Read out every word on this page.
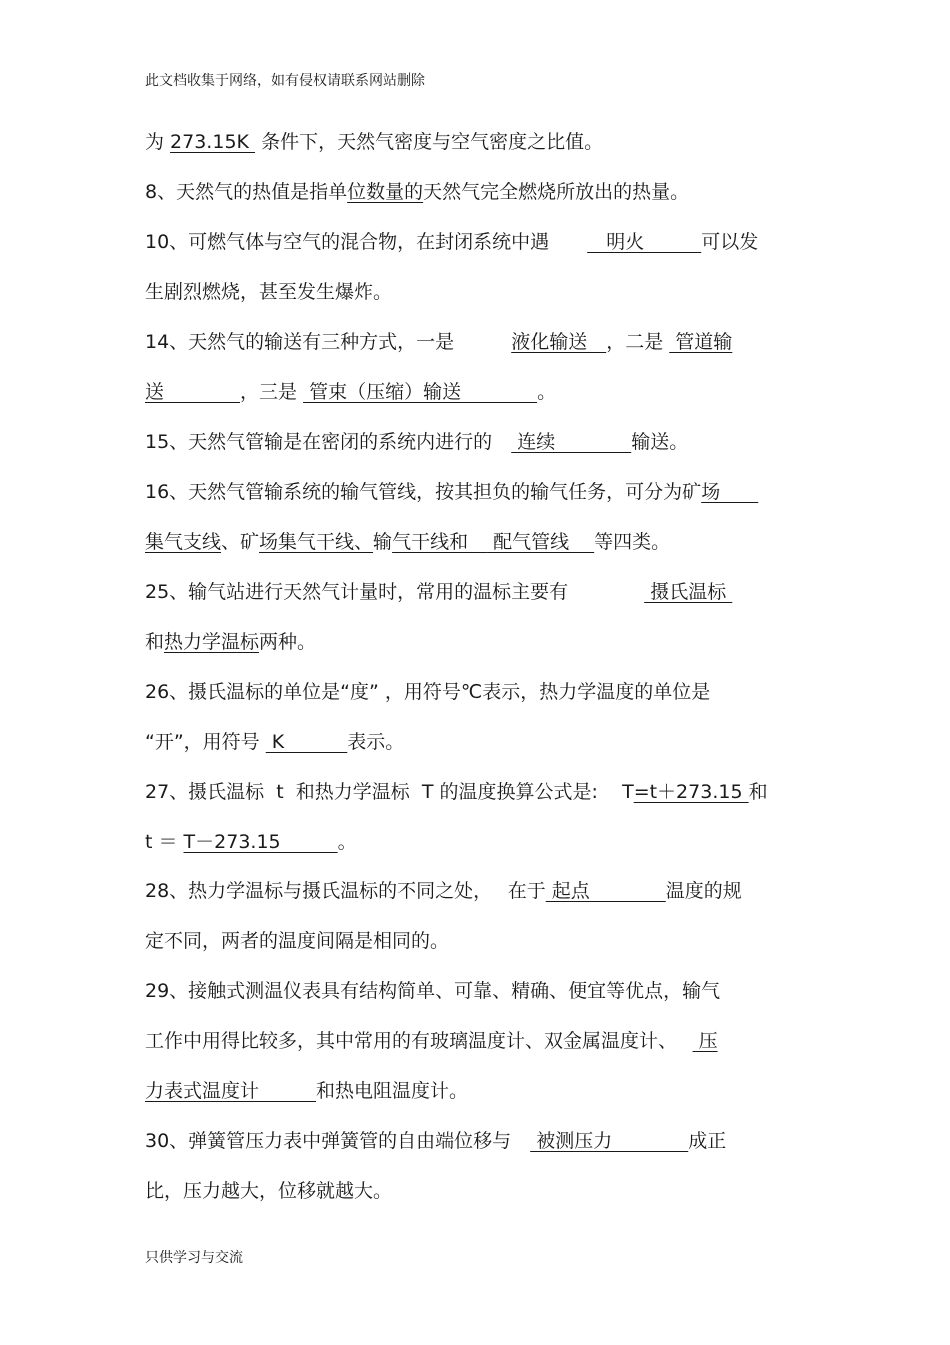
此文档收集于网络，如有侵权请联系网站删除
为 273.15K  条件下，天然气密度与空气密度之比值。
8、天然气的热值是指单位数量的天然气完全燃烧所放出的热量。
10、可燃气体与空气的混合物，在封闭系统中遇　　　明火　　　可以发
生剧烈燃烧，甚至发生爆炸。
14、天然气的输送有三种方式，一是　　　液化输送　，二是  管道输
送　　　　，三是  管束（压缩）输送　　　　。
15、天然气管输是在密闭的系统内进行的　 连续　　　　输送。
16、天然气管输系统的输气管线，按其担负的输气任务，可分为矿场　　
集气支线、矿场集气干线、输气干线和　 配气管线　 等四类。
25、输气站进行天然气计量时，常用的温标主要有　　　　 摄氏温标
和热力学温标两种。
26、摄氏温标的单位是“度” ，用符号℃表示，热力学温度的单位是
“开”，用符号  K　　　 表示。
27、摄氏温标  t  和热力学温标  T 的温度换算公式是:    T=t＋273.15 和
t ＝ T－273.15　　　。
28、热力学温标与摄氏温标的不同之处，　 在于 起点　　　　温度的规
定不同，两者的温度间隔是相同的。
29、接触式测温仪表具有结构简单、可靠、精确、便宜等优点，输气
工作中用得比较多，其中常用的有玻璃温度计、双金属温度计、　  压
力表式温度计　　　和热电阻温度计。
30、弹簧管压力表中弹簧管的自由端位移与　 被测压力　　　　成正
比，压力越大，位移就越大。
只供学习与交流
